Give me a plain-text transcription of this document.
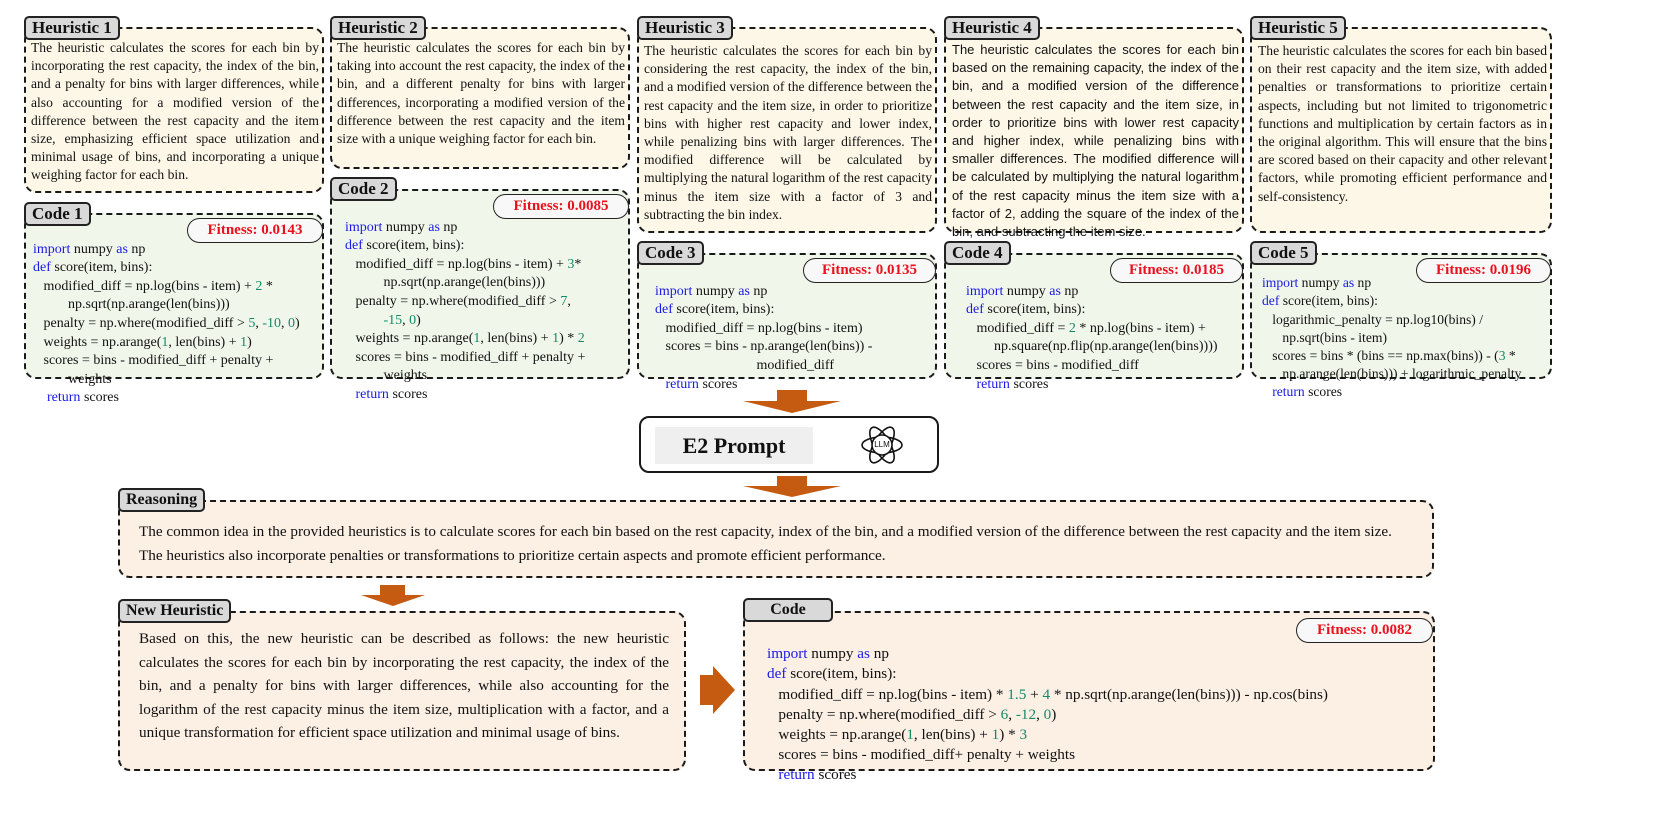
Heuristic 1
The heuristic calculates the scores for each bin by incorporating the rest capacity, the index of the bin, and a penalty for bins with larger differences, while also accounting for a modified version of the difference between the rest capacity and the item size, emphasizing efficient space utilization and minimal usage of bins, and incorporating a unique weighing factor for each bin.
Heuristic 2
The heuristic calculates the scores for each bin by taking into account the rest capacity, the index of the bin, and a different penalty for bins with larger differences, incorporating a modified version of the difference between the rest capacity and the item size with a unique weighing factor for each bin.
Heuristic 3
The heuristic calculates the scores for each bin by considering the rest capacity, the index of the bin, and a modified version of the difference between the rest capacity and the item size, in order to prioritize bins with higher rest capacity and lower index, while penalizing bins with larger differences. The modified difference will be calculated by multiplying the natural logarithm of the rest capacity minus the item size with a factor of 3 and subtracting the bin index.
Heuristic 4
The heuristic calculates the scores for each bin based on the remaining capacity, the index of the bin, and a modified version of the difference between the rest capacity and the item size, in order to prioritize bins with lower rest capacity and higher index, while penalizing bins with smaller differences. The modified difference will be calculated by multiplying the natural logarithm of the rest capacity minus the item size with a factor of 2, adding the square of the index of the bin, and subtracting the item size.
Heuristic 5
The heuristic calculates the scores for each bin based on their rest capacity and the item size, with added penalties or transformations to prioritize certain aspects, including but not limited to trigonometric functions and multiplication by certain factors as in the original algorithm. This will ensure that the bins are scored based on their capacity and other relevant factors, while promoting efficient performance and self-consistency.
Code 1
Fitness: 0.0143

import numpy as np
def score(item, bins):
modified_diff = np.log(bins - item) + 2 *
np.sqrt(np.arange(len(bins)))
penalty = np.where(modified_diff > 5, -10, 0)
weights = np.arange(1, len(bins) + 1)
scores = bins - modified_diff + penalty +
weights
return scores

Code 2
Fitness: 0.0085

import numpy as np
def score(item, bins):
modified_diff = np.log(bins - item) + 3*
np.sqrt(np.arange(len(bins)))
penalty = np.where(modified_diff > 7,
-15, 0)
weights = np.arange(1, len(bins) + 1) * 2
scores = bins - modified_diff + penalty +
weights
return scores

Code 3
Fitness: 0.0135

import numpy as np
def score(item, bins):
modified_diff = np.log(bins - item)
scores = bins - np.arange(len(bins)) -
modified_diff
return scores

Code 4
Fitness: 0.0185

import numpy as np
def score(item, bins):
modified_diff = 2 * np.log(bins - item) +
np.square(np.flip(np.arange(len(bins))))
scores = bins - modified_diff
return scores

Code 5
Fitness: 0.0196

import numpy as np
def score(item, bins):
logarithmic_penalty = np.log10(bins) /
np.sqrt(bins - item)
scores = bins * (bins == np.max(bins)) - (3 *
np.arange(len(bins))) + logarithmic_penalty
return scores

E2 Prompt	LLM
Reasoning
The common idea in the provided heuristics is to calculate scores for each bin based on the rest capacity, index of the bin, and a modified version of the difference between the rest capacity and the item size. The heuristics also incorporate penalties or transformations to prioritize certain aspects and promote efficient performance.
New Heuristic
Based on this, the new heuristic can be described as follows: the new heuristic calculates the scores for each bin by incorporating the rest capacity, the index of the bin, and a penalty for bins with larger differences, while also accounting for the logarithm of the rest capacity minus the item size, multiplication with a factor, and a unique transformation for efficient space utilization and minimal usage of bins.
Code
Fitness: 0.0082

import numpy as np
def score(item, bins):
modified_diff = np.log(bins - item) * 1.5 + 4 * np.sqrt(np.arange(len(bins))) - np.cos(bins)
penalty = np.where(modified_diff > 6, -12, 0)
weights = np.arange(1, len(bins) + 1) * 3
scores = bins - modified_diff+ penalty + weights
return scores
